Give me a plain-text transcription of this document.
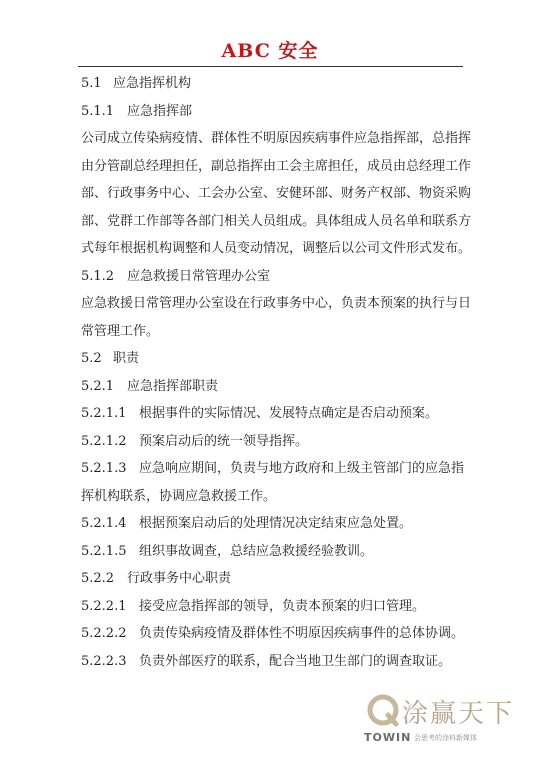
ABC 安全
5.1 应急指挥机构
5.1.1 应急指挥部
公司成立传染病疫情、群体性不明原因疾病事件应急指挥部，总指挥
由分管副总经理担任，副总指挥由工会主席担任，成员由总经理工作
部、行政事务中心、工会办公室、安健环部、财务产权部、物资采购
部、党群工作部等各部门相关人员组成。具体组成人员名单和联系方
式每年根据机构调整和人员变动情况，调整后以公司文件形式发布。
5.1.2 应急救援日常管理办公室
应急救援日常管理办公室设在行政事务中心，负责本预案的执行与日
常管理工作。
5.2 职责
5.2.1 应急指挥部职责
5.2.1.1 根据事件的实际情况、发展特点确定是否启动预案。
5.2.1.2 预案启动后的统一领导指挥。
5.2.1.3 应急响应期间，负责与地方政府和上级主管部门的应急指
挥机构联系，协调应急救援工作。
5.2.1.4 根据预案启动后的处理情况决定结束应急处置。
5.2.1.5 组织事故调查，总结应急救援经验教训。
5.2.2 行政事务中心职责
5.2.2.1 接受应急指挥部的领导，负责本预案的归口管理。
5.2.2.2 负责传染病疫情及群体性不明原因疾病事件的总体协调。
5.2.2.3 负责外部医疗的联系，配合当地卫生部门的调查取证。
涂赢天下
TOWIN 会思考的涂料新媒体
